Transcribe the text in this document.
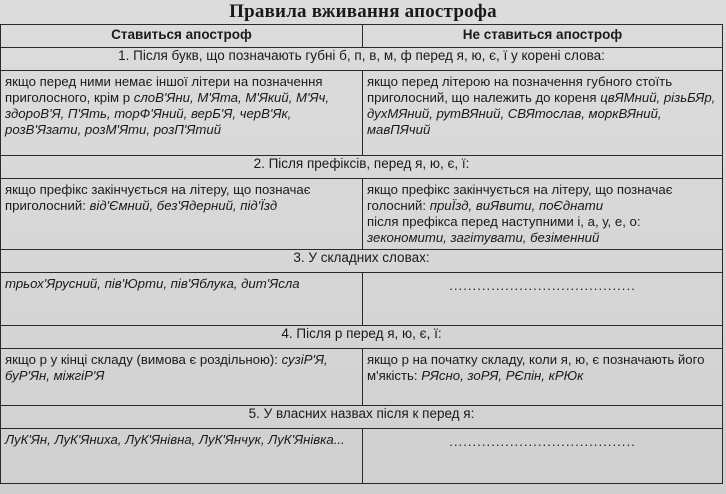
Правила вживання апострофа
Ставиться апостроф	Не ставиться апостроф
1. Після букв, що позначають губні б, п, в, м, ф перед я, ю, є, ї у корені слова:	
якщо перед ними немає іншої літери на позначення приголосного, крім р слоВ'Яни, М'Ята, М'Який, М'Яч, здороВ'Я, П'Ять, торФ'Яний, верБ'Я, черВ'Як, розВ'Язати, розМ'Яти, розП'Ятий	якщо перед літерою на позначення губного стоїть приголосний, що належить до кореня цвЯМний, різьБЯр, духМЯний, рутВЯний, СВЯтослав, моркВЯний, мавПЯчий
2. Після префіксів, перед я, ю, є, ї:	
якщо префікс закінчується на літеру, що позначає приголосний: від'Ємний, без'Ядерний, під'Їзд	якщо префікс закінчується на літеру, що позначає голосний: приЇзд, виЯвити, поЄднати
після префікса перед наступними і, а, у, е, о: зекономити, загітувати, безіменний
3. У складних словах:	
трьох'Ярусний, пів'Юрти, пів'Яблука, дит'Ясла	........................................

4. Після р перед я, ю, є, ї:	
якщо р у кінці складу (вимова є роздільною): сузіР'Я, буР'Ян, міжгіР'Я	якщо р на початку складу, коли я, ю, є позначають його м'якість: РЯсно, зоРЯ, РЄпін, кРЮк
5. У власних назвах після к перед я:	
ЛуК'Ян, ЛуК'Яниха, ЛуК'Янівна, ЛуК'Янчук, ЛуК'Янівка...	........................................
